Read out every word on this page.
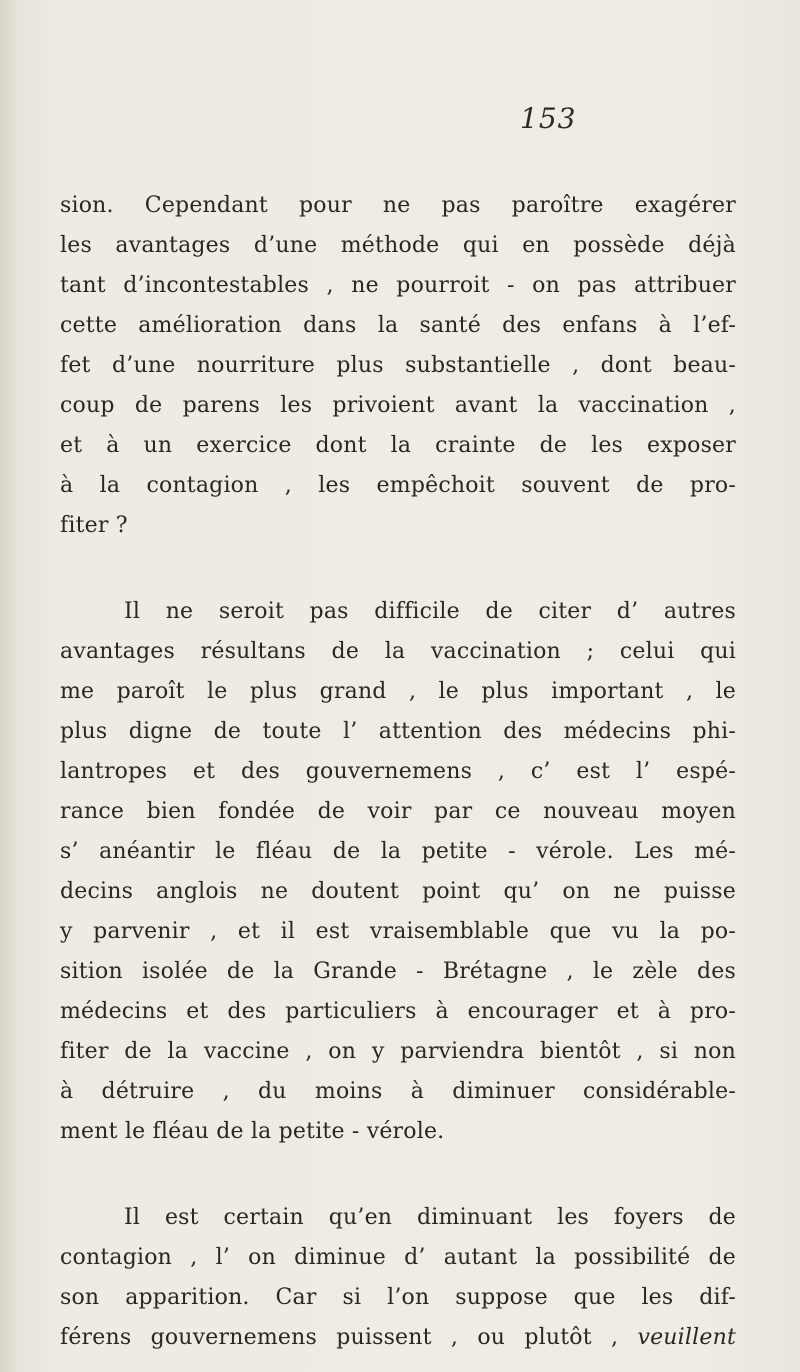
153
sion. Cependant pour ne pas paroître exagérer
les avantages d’une méthode qui en possède déjà
tant d’incontestables , ne pourroit - on pas attribuer
cette amélioration dans la santé des enfans à l’ef-
fet d’une nourriture plus substantielle , dont beau-
coup de parens les privoient avant la vaccination ,
et à un exercice dont la crainte de les exposer
à la contagion , les empêchoit souvent de pro-
fiter ?
Il ne seroit pas difficile de citer d’ autres
avantages résultans de la vaccination ; celui qui
me paroît le plus grand , le plus important , le
plus digne de toute l’ attention des médecins phi-
lantropes et des gouvernemens , c’ est l’ espé-
rance bien fondée de voir par ce nouveau moyen
s’ anéantir le fléau de la petite - vérole. Les mé-
decins anglois ne doutent point qu’ on ne puisse
y parvenir , et il est vraisemblable que vu la po-
sition isolée de la Grande - Brétagne , le zèle des
médecins et des particuliers à encourager et à pro-
fiter de la vaccine , on y parviendra bientôt , si non
à détruire , du moins à diminuer considérable-
ment le fléau de la petite - vérole.
Il est certain qu’en diminuant les foyers de
contagion , l’ on diminue d’ autant la possibilité de
son apparition. Car si l’on suppose que les dif-
férens gouvernemens puissent , ou plutôt , veuillent
